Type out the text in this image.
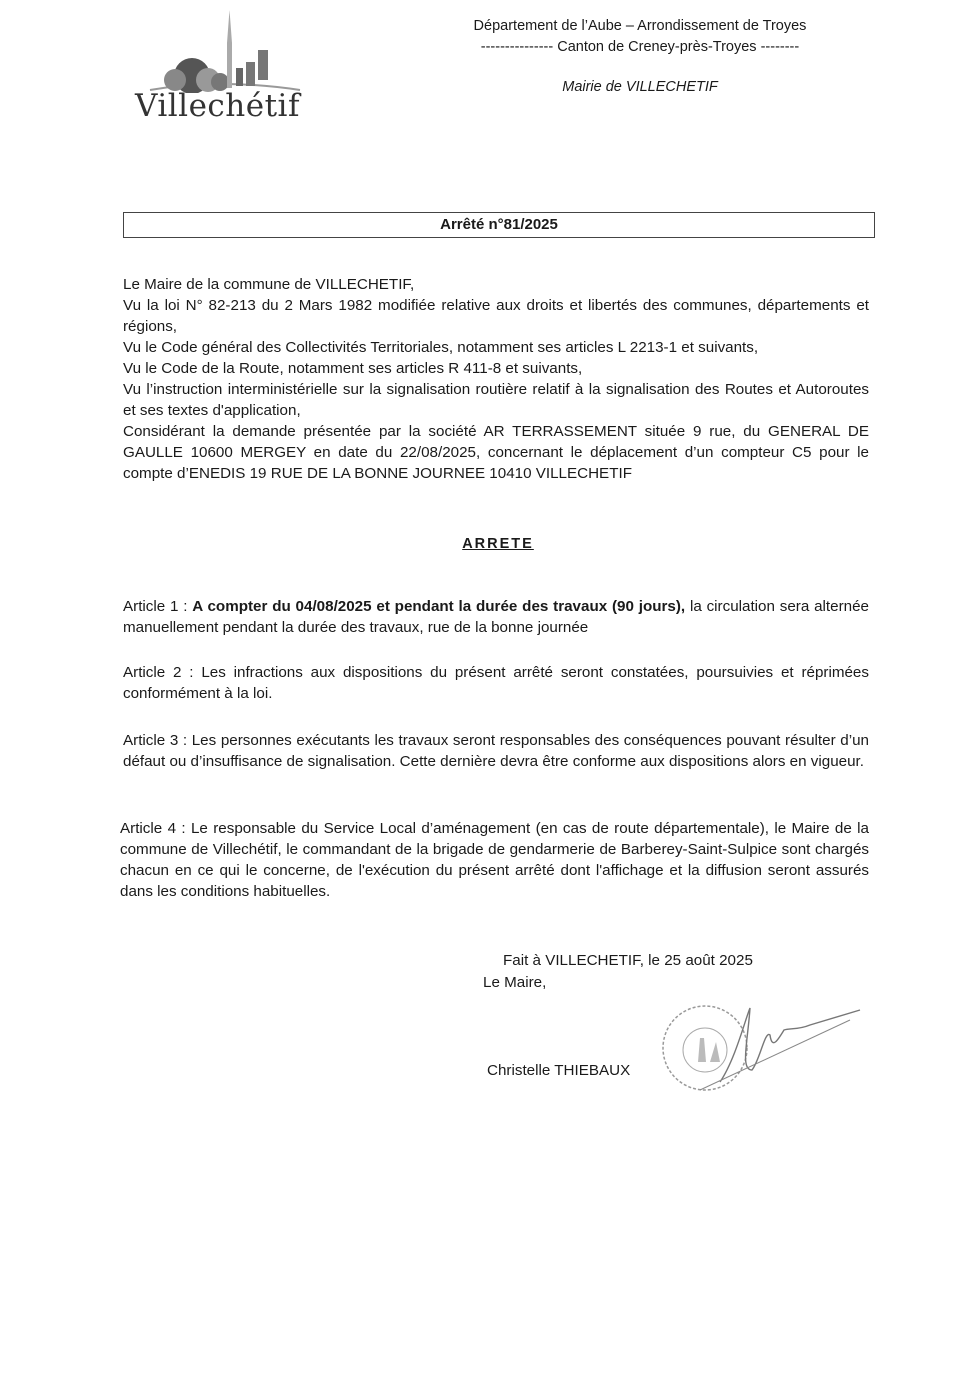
Villechétif
Département de l’Aube – Arrondissement de Troyes
--------------- Canton de Creney-près-Troyes --------
Mairie de VILLECHETIF
Arrêté n°81/2025

Le Maire de la commune de VILLECHETIF,

Vu la loi N° 82-213 du 2 Mars 1982 modifiée relative aux droits et libertés des communes, départements et régions,

Vu le Code général des Collectivités Territoriales, notamment ses articles L 2213-1 et suivants,

Vu le Code de la Route, notamment ses articles R 411-8 et suivants,

Vu l’instruction interministérielle sur la signalisation routière relatif à la signalisation des Routes et Autoroutes et ses textes d'application,

Considérant la demande présentée par la société AR TERRASSEMENT située 9 rue, du GENERAL DE GAULLE 10600 MERGEY en date du 22/08/2025, concernant le déplacement d’un compteur C5 pour le compte d’ENEDIS 19 RUE DE LA BONNE JOURNEE 10410 VILLECHETIF

ARRETE

Article 1 : A compter du 04/08/2025 et pendant la durée des travaux (90 jours), la circulation sera alternée manuellement pendant la durée des travaux, rue de la bonne journée

Article 2 : Les infractions aux dispositions du présent arrêté seront constatées, poursuivies et réprimées conformément à la loi.

Article 3 : Les personnes exécutants les travaux seront responsables des conséquences pouvant résulter d’un défaut ou d’insuffisance de signalisation. Cette dernière devra être conforme aux dispositions alors en vigueur.

Article 4 : Le responsable du Service Local d’aménagement (en cas de route départementale), le Maire de la commune de Villechétif, le commandant de la brigade de gendarmerie de Barberey-Saint-Sulpice sont chargés chacun en ce qui le concerne, de l'exécution du présent arrêté dont l'affichage et la diffusion seront assurés dans les conditions habituelles.

Fait à VILLECHETIF, le 25 août 2025
Le Maire,
Christelle THIEBAUX
